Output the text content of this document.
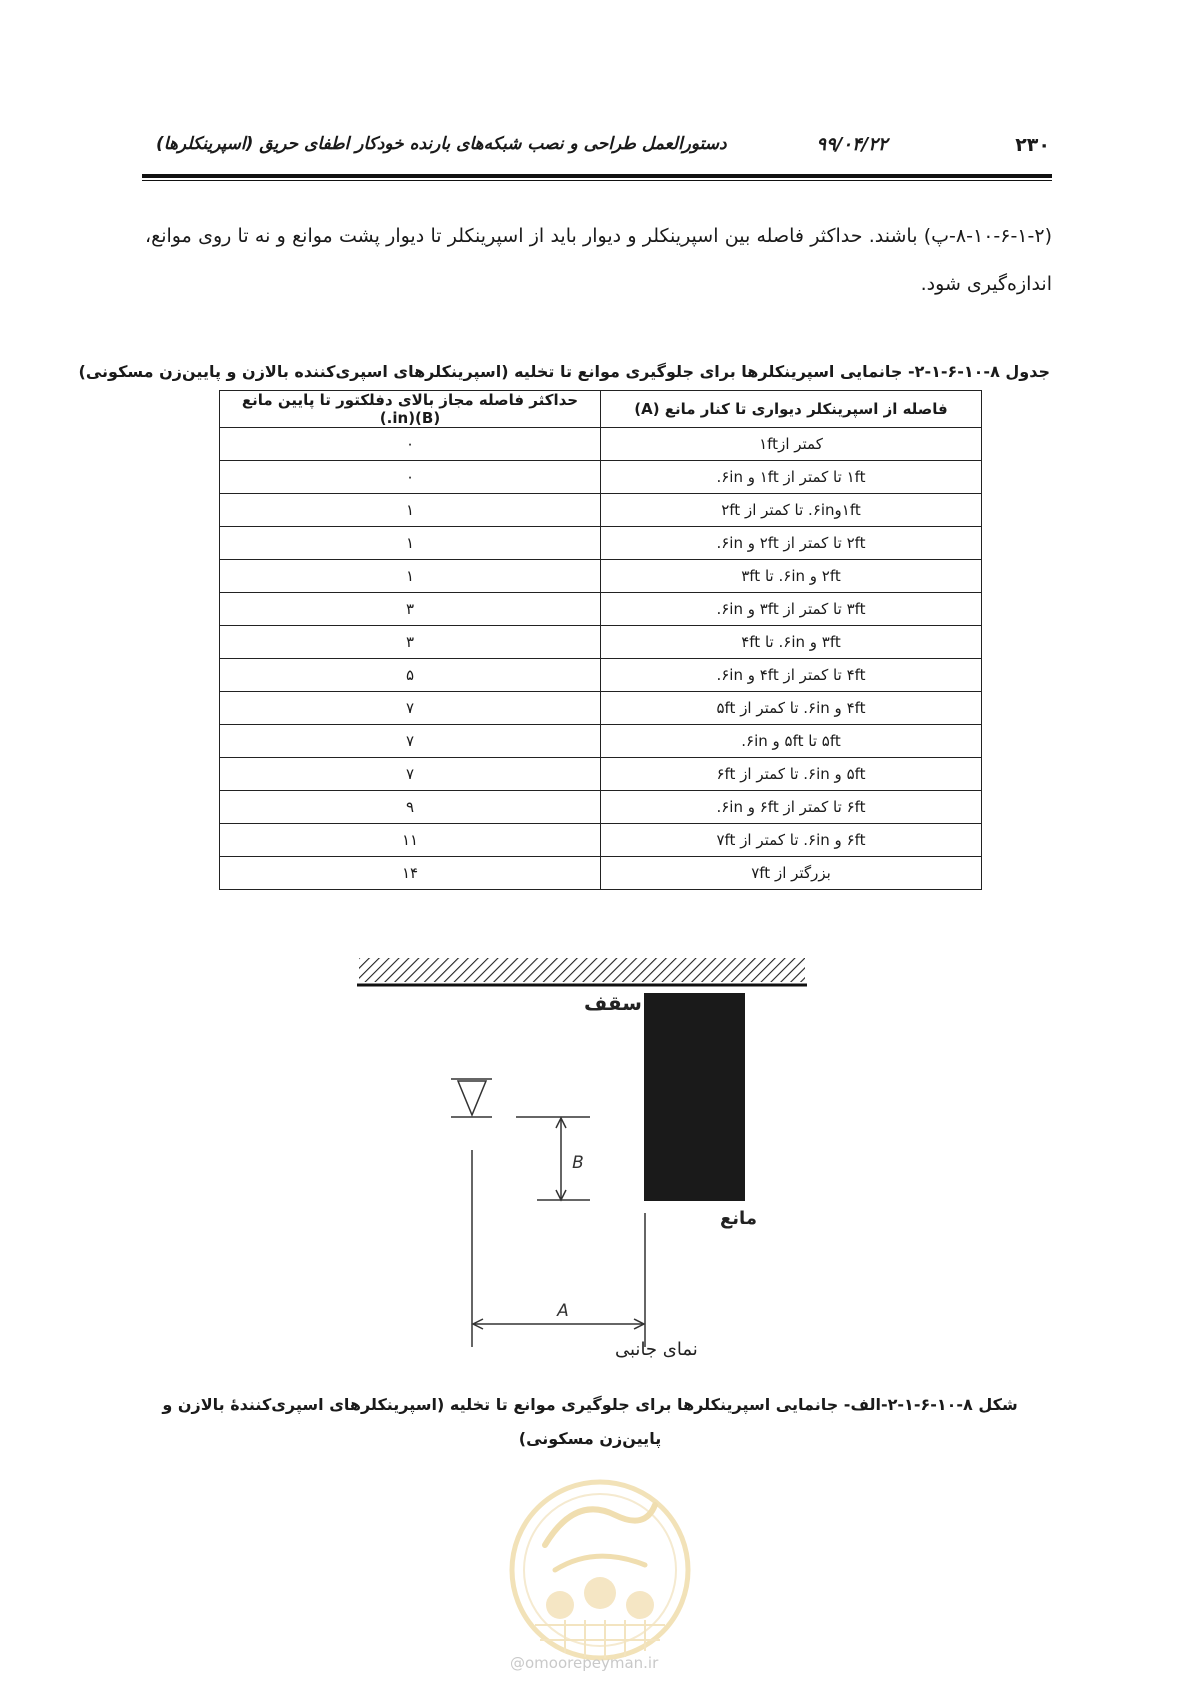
۲۳۰
۹۹/۰۴/۲۲
دستورالعمل طراحی و نصب شبکه‌های بارنده خودکار اطفای حریق (اسپرینکلرها)
(۸-۱۰-۶-۱-۲-پ) باشند. حداکثر فاصله بین اسپرینکلر و دیوار باید از اسپرینکلر تا دیوار پشت موانع و نه تا روی موانع، اندازه‌گیری شود.
جدول ۸-۱۰-۶-۱-۲- جانمایی اسپرینکلرها برای جلوگیری موانع تا تخلیه (اسپرینکلرهای اسپری‌کننده بالازن و پایین‌زن مسکونی)
فاصله از اسپرینکلر دیواری تا کنار مانع (A)	حداکثر فاصله مجاز بالای دفلکتور تا پایین مانع (B)(in.)
کمتر از۱ft	۰
۱ft تا کمتر از ۱ft و ۶in.	۰
۱ftو۶in. تا کمتر از ۲ft	۱
۲ft تا کمتر از ۲ft و ۶in.	۱
۲ft و ۶in. تا ۳ft	۱
۳ft تا کمتر از ۳ft و ۶in.	۳
۳ft و ۶in. تا ۴ft	۳
۴ft تا کمتر از ۴ft و ۶in.	۵
۴ft و ۶in. تا کمتر از ۵ft	۷
۵ft تا ۵ft و ۶in.	۷
۵ft و ۶in. تا کمتر از ۶ft	۷
۶ft تا کمتر از ۶ft و ۶in.	۹
۶ft و ۶in. تا کمتر از ۷ft	۱۱
بزرگتر از ۷ft	۱۴
سقف
مانع
B
A
نمای جانبی
شکل ۸-۱۰-۶-۱-۲-الف- جانمایی اسپرینکلرها برای جلوگیری موانع تا تخلیه (اسپرینکلرهای اسپری‌کنندهٔ بالازن و پایین‌زن مسکونی)
@omoorepeyman.ir
